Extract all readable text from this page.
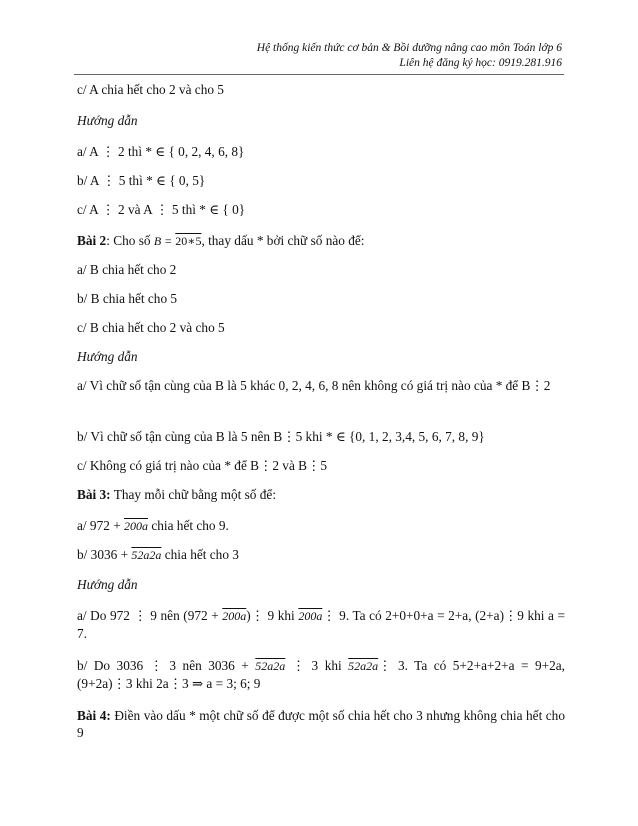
Hệ thống kiến thức cơ bản & Bồi dưỡng nâng cao môn Toán lớp 6
Liên hệ đăng ký học: 0919.281.916
c/ A chia hết cho 2 và cho 5
Hướng dẫn
a/ A ⋮ 2 thì * ∈ { 0, 2, 4, 6, 8}
b/ A ⋮ 5 thì * ∈ { 0, 5}
c/ A ⋮ 2 và A ⋮ 5 thì * ∈ { 0}
Bài 2: Cho số B = 20∗5, thay dấu * bởi chữ số nào để:
a/ B chia hết cho 2
b/ B chia hết cho 5
c/ B chia hết cho 2 và cho 5
Hướng dẫn
a/ Vì chữ số tận cùng của B là 5 khác 0, 2, 4, 6, 8 nên không có giá trị nào của * để B⋮2
b/ Vì chữ số tận cùng của B là 5 nên B⋮5 khi * ∈ {0, 1, 2, 3,4, 5, 6, 7, 8, 9}
c/ Không có giá trị nào của * để B⋮2 và B⋮5
Bài 3: Thay mỗi chữ bằng một số để:
a/ 972 + 200a chia hết cho 9.
b/ 3036 + 52a2a chia hết cho 3
Hướng dẫn
a/ Do 972 ⋮ 9 nên (972 + 200a)⋮ 9 khi 200a⋮ 9. Ta có 2+0+0+a = 2+a, (2+a)⋮9 khi a = 7.
b/ Do 3036 ⋮ 3 nên 3036 + 52a2a ⋮ 3 khi 52a2a⋮ 3. Ta có 5+2+a+2+a = 9+2a, (9+2a)⋮3 khi 2a⋮3 ⇒ a = 3; 6; 9
Bài 4: Điền vào dấu * một chữ số để được một số chia hết cho 3 nhưng không chia hết cho 9
